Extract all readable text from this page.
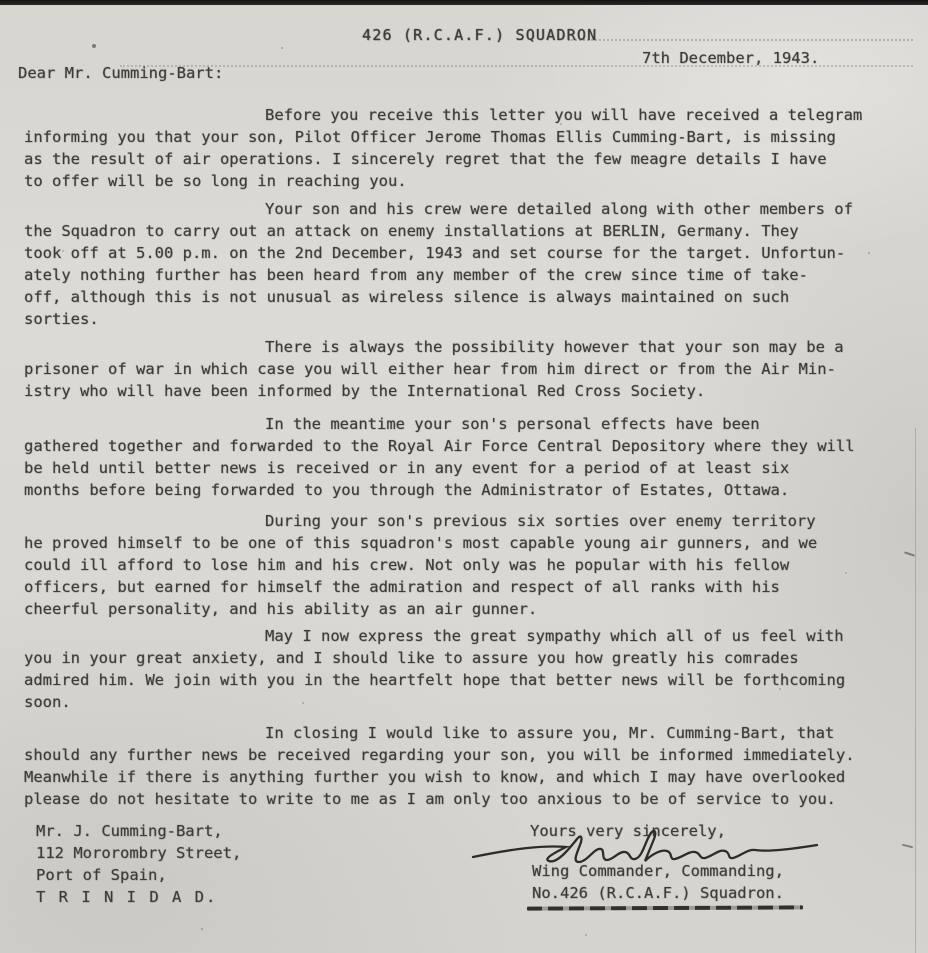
426 (R.C.A.F.) SQUADRON
7th December, 1943.
Dear Mr. Cumming-Bart:
Before you receive this letter you will have received a telegram
informing you that your son, Pilot Officer Jerome Thomas Ellis Cumming-Bart, is missing
as the result of air operations. I sincerely regret that the few meagre details I have
to offer will be so long in reaching you.
Your son and his crew were detailed along with other members of
the Squadron to carry out an attack on enemy installations at BERLIN, Germany. They
took off at 5.00 p.m. on the 2nd December, 1943 and set course for the target. Unfortun-
ately nothing further has been heard from any member of the crew since time of take-
off, although this is not unusual as wireless silence is always maintained on such
sorties.
There is always the possibility however that your son may be a
prisoner of war in which case you will either hear from him direct or from the Air Min-
istry who will have been informed by the International Red Cross Society.
In the meantime your son's personal effects have been
gathered together and forwarded to the Royal Air Force Central Depository where they will
be held until better news is received or in any event for a period of at least six
months before being forwarded to you through the Administrator of Estates, Ottawa.
During your son's previous six sorties over enemy territory
he proved himself to be one of this squadron's most capable young air gunners, and we
could ill afford to lose him and his crew. Not only was he popular with his fellow
officers, but earned for himself the admiration and respect of all ranks with his
cheerful personality, and his ability as an air gunner.
May I now express the great sympathy which all of us feel with
you in your great anxiety, and I should like to assure you how greatly his comrades
admired him. We join with you in the heartfelt hope that better news will be forthcoming
soon.
In closing I would like to assure you, Mr. Cumming-Bart, that
should any further news be received regarding your son, you will be informed immediately.
Meanwhile if there is anything further you wish to know, and which I may have overlooked
please do not hesitate to write to me as I am only too anxious to be of service to you.
Mr. J. Cumming-Bart,
112 Mororombry Street,
Port of Spain,
T R I N I D A D.
Yours very sincerely,
Wing Commander, Commanding,
No.426 (R.C.A.F.) Squadron.
